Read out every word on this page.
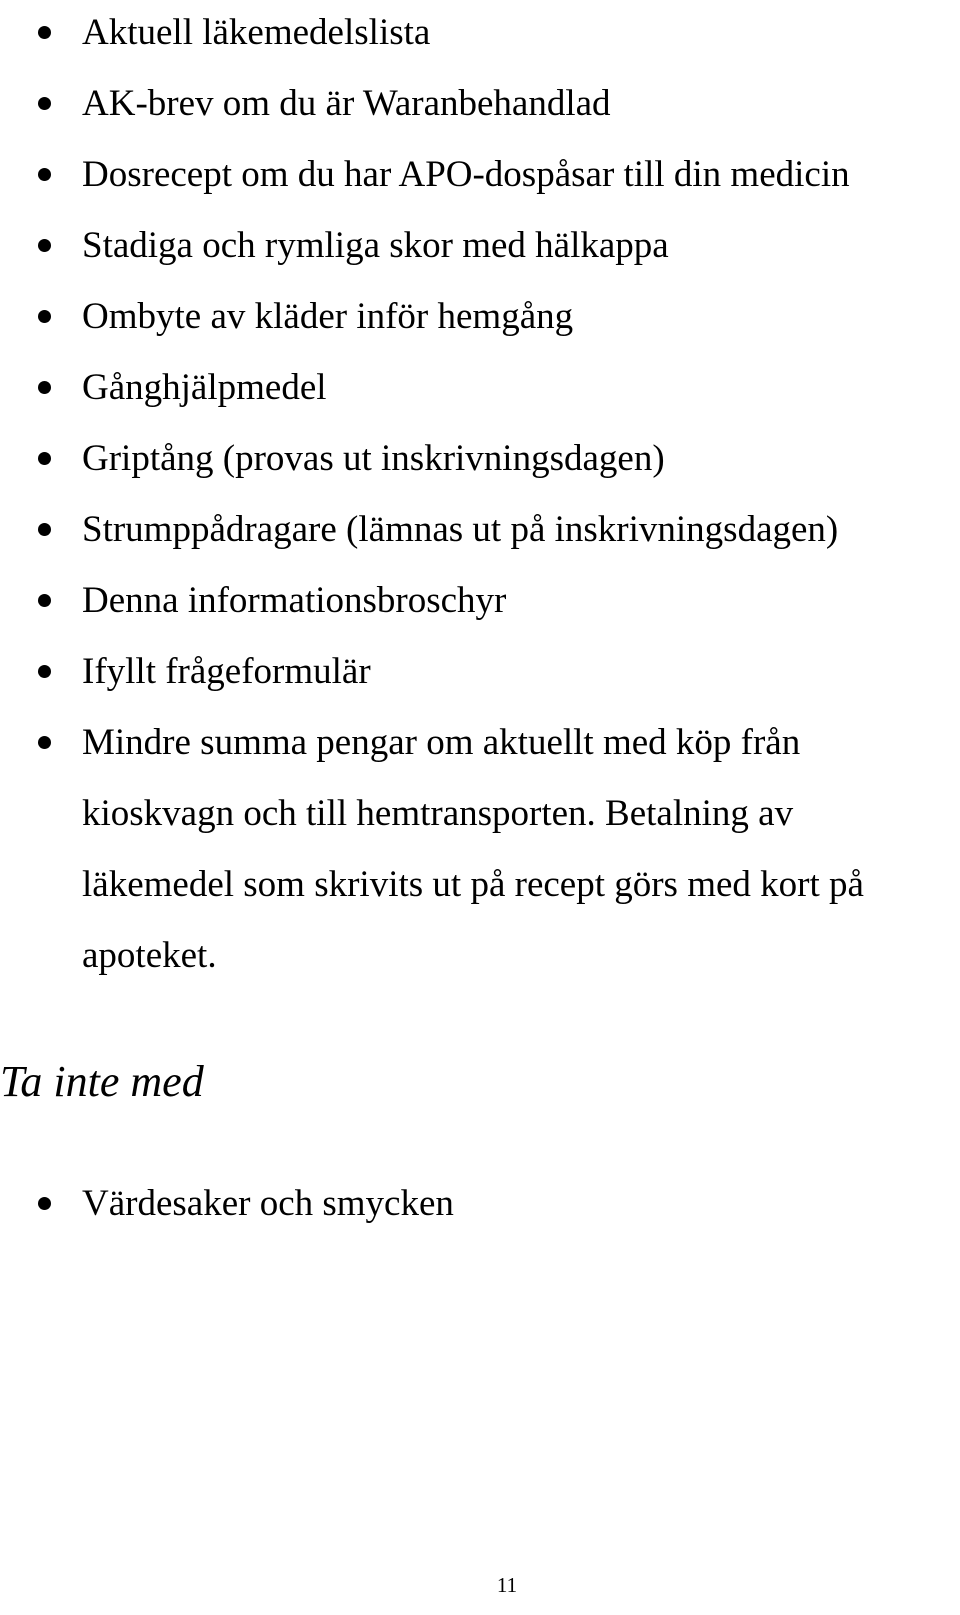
Aktuell läkemedelslista
AK-brev om du är Waranbehandlad
Dosrecept om du har APO-dospåsar till din medicin
Stadiga och rymliga skor med hälkappa
Ombyte av kläder inför hemgång
Gånghjälpmedel
Griptång (provas ut inskrivningsdagen)
Strumppådragare (lämnas ut på inskrivningsdagen)
Denna informationsbroschyr
Ifyllt frågeformulär
Mindre summa pengar om aktuellt med köp från kioskvagn och till hemtransporten. Betalning av läkemedel som skrivits ut på recept görs med kort på apoteket.
Ta inte med
Värdesaker och smycken
11
